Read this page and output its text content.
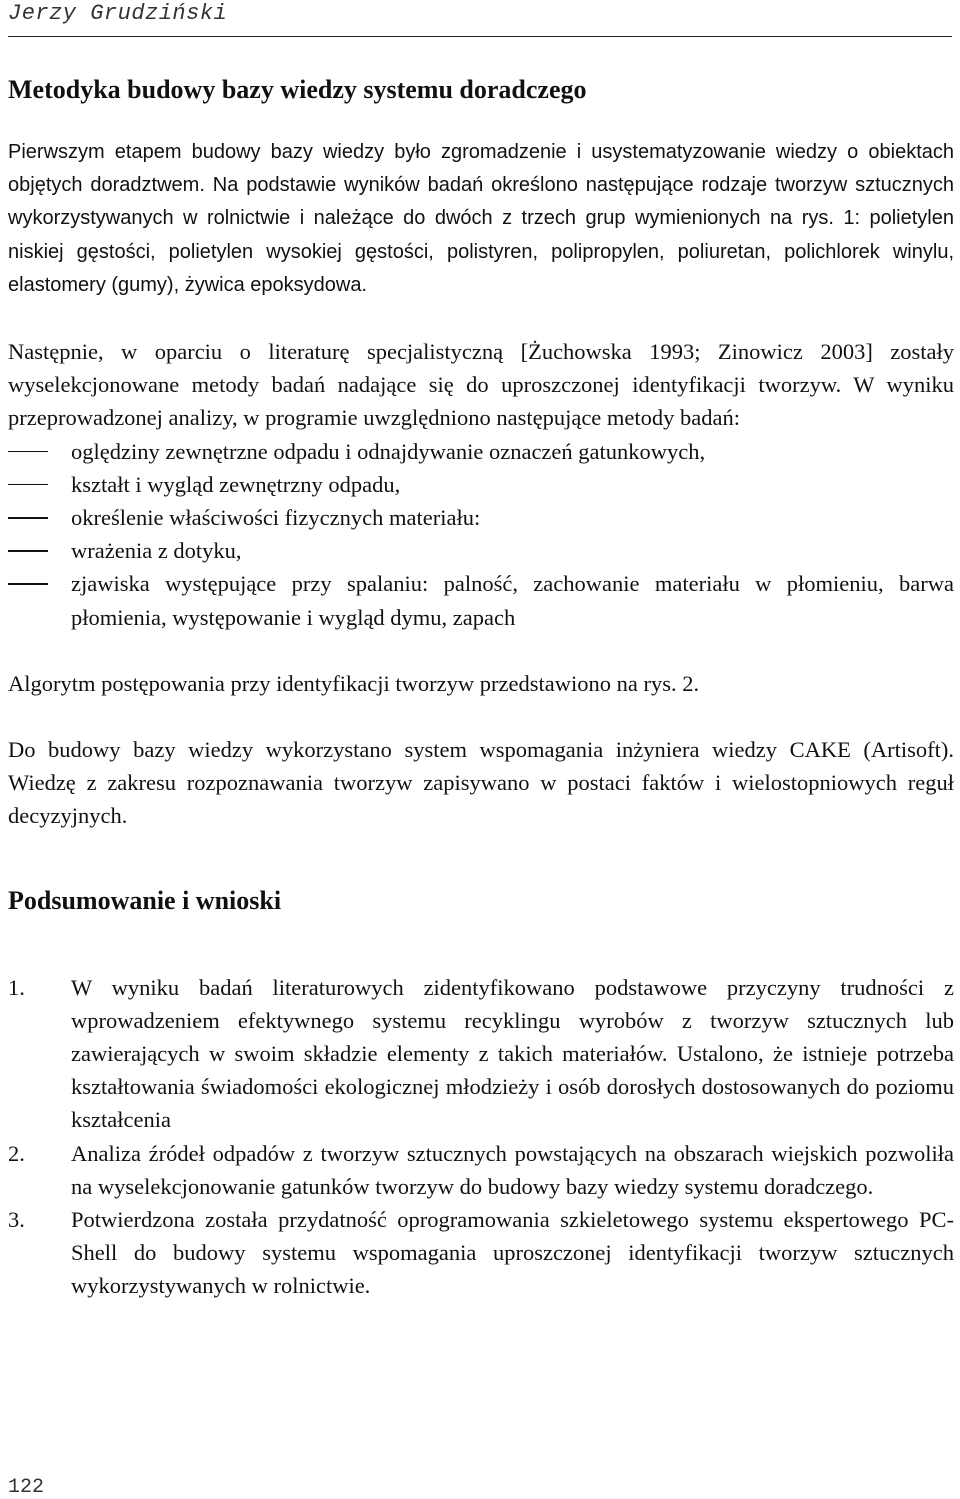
Jerzy Grudziński
Metodyka budowy bazy wiedzy systemu doradczego

Pierwszym etapem budowy bazy wiedzy było zgromadzenie i usystematyzowanie wiedzy o obiektach objętych doradztwem. Na podstawie wyników badań określono następujące rodzaje tworzyw sztucznych wykorzystywanych w rolnictwie i należące do dwóch z trzech grup wymienionych na rys. 1: polietylen niskiej gęstości, polietylen wysokiej gęstości, polistyren, polipropylen, poliuretan, polichlorek winylu, elastomery (gumy), żywica epoksydowa.

Następnie, w oparciu o literaturę specjalistyczną [Żuchowska 1993; Zinowicz 2003] zostały wyselekcjonowane metody badań nadające się do uproszczonej identyfikacji tworzyw. W wyniku przeprowadzonej analizy, w programie uwzględniono następujące metody badań:

oględziny zewnętrzne odpadu i odnajdywanie oznaczeń gatunkowych,
kształt i wygląd zewnętrzny odpadu,
określenie właściwości fizycznych materiału:
wrażenia z dotyku,
zjawiska występujące przy spalaniu: palność, zachowanie materiału w płomieniu, barwa płomienia, występowanie i wygląd dymu, zapach

Algorytm postępowania przy identyfikacji tworzyw przedstawiono na rys. 2.

Do budowy bazy wiedzy wykorzystano system wspomagania inżyniera wiedzy CAKE (Artisoft). Wiedzę z zakresu rozpoznawania tworzyw zapisywano w postaci faktów i wielostopniowych reguł decyzyjnych.

Podsumowanie i wnioski
1. W wyniku badań literaturowych zidentyfikowano podstawowe przyczyny trudności z wprowadzeniem efektywnego systemu recyklingu wyrobów z tworzyw sztucznych lub zawierających w swoim składzie elementy z takich materiałów. Ustalono, że istnieje potrzeba kształtowania świadomości ekologicznej młodzieży i osób dorosłych dostosowanych do poziomu kształcenia
2. Analiza źródeł odpadów z tworzyw sztucznych powstających na obszarach wiejskich pozwoliła na wyselekcjonowanie gatunków tworzyw do budowy bazy wiedzy systemu doradczego.
3. Potwierdzona została przydatność oprogramowania szkieletowego systemu ekspertowego PC-Shell do budowy systemu wspomagania uproszczonej identyfikacji tworzyw sztucznych wykorzystywanych w rolnictwie.
122
